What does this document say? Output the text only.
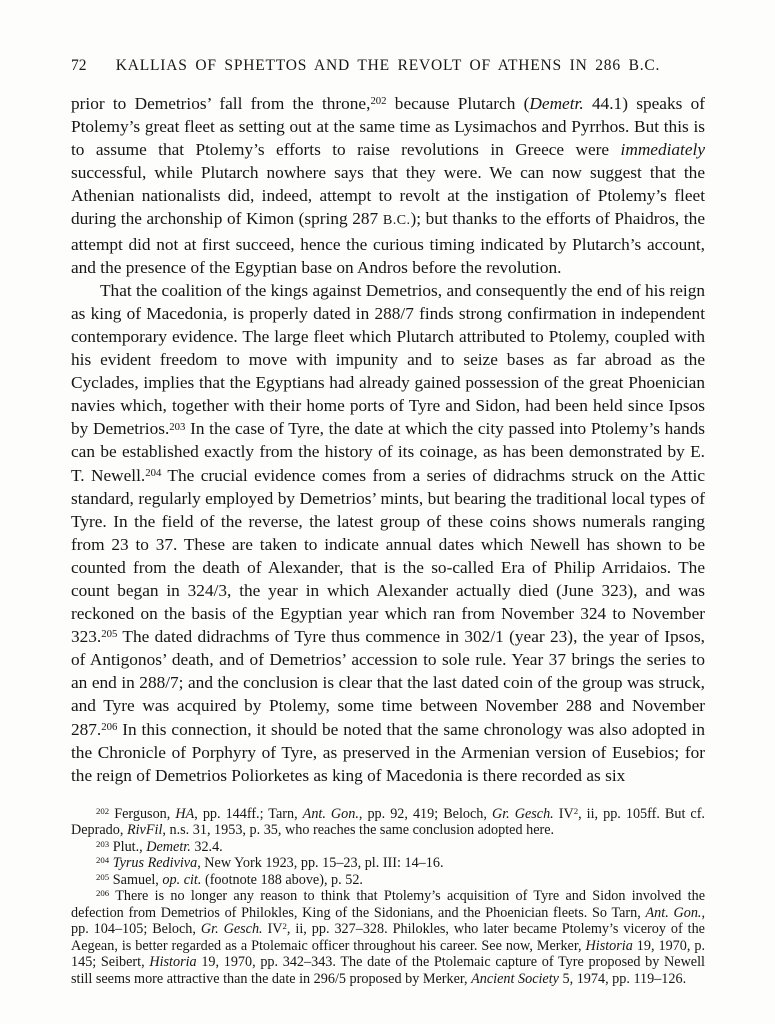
72	KALLIAS OF SPHETTOS AND THE REVOLT OF ATHENS IN 286 B.C.

prior to Demetrios’ fall from the throne,$^{202}$ because Plutarch (Demetr. 44.1) speaks of Ptolemy’s great fleet as setting out at the same time as Lysimachos and Pyrrhos. But this is to assume that Ptolemy’s efforts to raise revolutions in Greece were immediately successful, while Plutarch nowhere says that they were. We can now suggest that the Athenian nationalists did, indeed, attempt to revolt at the instigation of Ptolemy’s fleet during the archonship of Kimon (spring 287 B.C.); but thanks to the efforts of Phaidros, the attempt did not at first succeed, hence the curious timing indicated by Plutarch’s account, and the presence of the Egyptian base on Andros before the revolution.

That the coalition of the kings against Demetrios, and consequently the end of his reign as king of Macedonia, is properly dated in 288/7 finds strong confirmation in independent contemporary evidence. The large fleet which Plutarch attributed to Ptolemy, coupled with his evident freedom to move with impunity and to seize bases as far abroad as the Cyclades, implies that the Egyptians had already gained possession of the great Phoenician navies which, together with their home ports of Tyre and Sidon, had been held since Ipsos by Demetrios.$^{203}$ In the case of Tyre, the date at which the city passed into Ptolemy’s hands can be established exactly from the history of its coinage, as has been demonstrated by E. T. Newell.$^{204}$ The crucial evidence comes from a series of didrachms struck on the Attic standard, regularly employed by Demetrios’ mints, but bearing the traditional local types of Tyre. In the field of the reverse, the latest group of these coins shows numerals ranging from 23 to 37. These are taken to indicate annual dates which Newell has shown to be counted from the death of Alexander, that is the so-called Era of Philip Arridaios. The count began in 324/3, the year in which Alexander actually died (June 323), and was reckoned on the basis of the Egyptian year which ran from November 324 to November 323.$^{205}$ The dated didrachms of Tyre thus commence in 302/1 (year 23), the year of Ipsos, of Antigonos’ death, and of Demetrios’ accession to sole rule. Year 37 brings the series to an end in 288/7; and the conclusion is clear that the last dated coin of the group was struck, and Tyre was acquired by Ptolemy, some time between November 288 and November 287.$^{206}$ In this connection, it should be noted that the same chronology was also adopted in the Chronicle of Porphyry of Tyre, as preserved in the Armenian version of Eusebios; for the reign of Demetrios Poliorketes as king of Macedonia is there recorded as six

$^{202}$ Ferguson, HA, pp. 144ff.; Tarn, Ant. Gon., pp. 92, 419; Beloch, Gr. Gesch. $IV^2$, ii, pp. 105ff. But cf. Deprado, RivFil, n.s. 31, 1953, p. 35, who reaches the same conclusion adopted here.

$^{203}$ Plut., Demetr. 32.4.

$^{204}$ Tyrus Rediviva, New York 1923, pp. 15–23, pl. III: 14–16.

$^{205}$ Samuel, op. cit. (footnote 188 above), p. 52.

$^{206}$ There is no longer any reason to think that Ptolemy’s acquisition of Tyre and Sidon involved the defection from Demetrios of Philokles, King of the Sidonians, and the Phoenician fleets. So Tarn, Ant. Gon., pp. 104–105; Beloch, Gr. Gesch. $IV^2$, ii, pp. 327–328. Philokles, who later became Ptolemy’s viceroy of the Aegean, is better regarded as a Ptolemaic officer throughout his career. See now, Merker, Historia 19, 1970, p. 145; Seibert, Historia 19, 1970, pp. 342–343. The date of the Ptolemaic capture of Tyre proposed by Newell still seems more attractive than the date in 296/5 proposed by Merker, Ancient Society 5, 1974, pp. 119–126.
